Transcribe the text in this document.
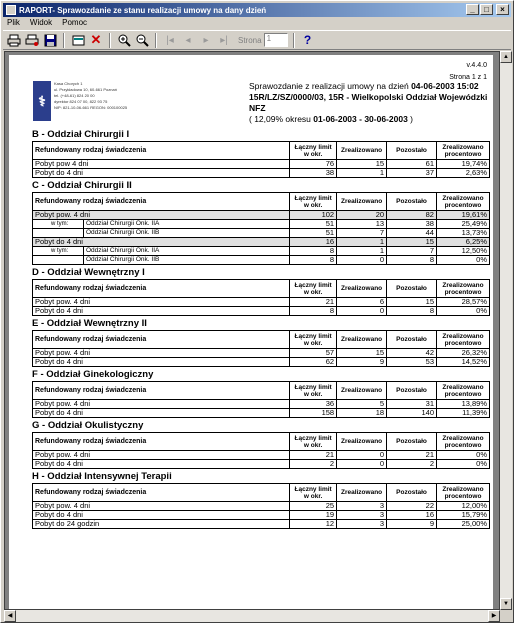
RAPORT- Sprawozdanie ze stanu realizacji umowy na dany dzień	_	□	×
Plik Widok Pomoc
✕	|◂	◂	▸	▸|	Strona 1	?
v.4.4.0
Strona 1 z 1
⚕
Kasa Chorych 1
ul. Przykładowa 10, 60-661 Poznań
tel. (+48-61) 824 20 00
dyrektor 824 07 00, 822 93 75
NIP: 821-10-06-661 REGON: 000100025
Sprawozdanie z realizacji umowy na dzień 04-06-2003 15:02
15R/LZ/SZ/0000/03, 15R - Wielkopolski Oddział Wojewódzki NFZ
( 12,09% okresu 01-06-2003 - 30-06-2003 )
B - Oddział Chirurgii I
Refundowany rodzaj świadczenia	Łączny limit w okr.	Zrealizowano	Pozostało	Zrealizowano procentowo
Pobyt pow 4 dni	76	15	61	19,74%
Pobyt do 4 dni	38	1	37	2,63%
C - Oddział Chirurgii II
Refundowany rodzaj świadczenia	Łączny limit w okr.	Zrealizowano	Pozostało	Zrealizowano procentowo
Pobyt pow. 4 dni	102	20	82	19,61%

w tym: Oddział Chirurgii Onk. IIA	51	13	38	25,49%

Oddział Chirurgii Onk. IIB	51	7	44	13,73%
Pobyt do 4 dni	16	1	15	6,25%

w tym: Oddział Chirurgii Onk. IIA	8	1	7	12,50%

Oddział Chirurgii Onk. IIB	8	0	8	0%
D - Oddział Wewnętrzny I
Refundowany rodzaj świadczenia	Łączny limit w okr.	Zrealizowano	Pozostało	Zrealizowano procentowo
Pobyt pow. 4 dni	21	6	15	28,57%
Pobyt do 4 dni	8	0	8	0%
E - Oddział Wewnętrzny II
Refundowany rodzaj świadczenia	Łączny limit w okr.	Zrealizowano	Pozostało	Zrealizowano procentowo
Pobyt pow. 4 dni	57	15	42	26,32%
Pobyt do 4 dni	62	9	53	14,52%
F - Oddział Ginekologiczny
Refundowany rodzaj świadczenia	Łączny limit w okr.	Zrealizowano	Pozostało	Zrealizowano procentowo
Pobyt pow. 4 dni	36	5	31	13,89%
Pobyt do 4 dni	158	18	140	11,39%
G - Oddział Okulistyczny
Refundowany rodzaj świadczenia	Łączny limit w okr.	Zrealizowano	Pozostało	Zrealizowano procentowo
Pobyt pow. 4 dni	21	0	21	0%
Pobyt do 4 dni	2	0	2	0%
H - Oddział Intensywnej Terapii
Refundowany rodzaj świadczenia	Łączny limit w okr.	Zrealizowano	Pozostało	Zrealizowano procentowo
Pobyt pow. 4 dni	25	3	22	12,00%
Pobyt do 4 dni	19	3	16	15,79%
Pobyt do 24 godzin	12	3	9	25,00%
▲
▼
◀	▶
